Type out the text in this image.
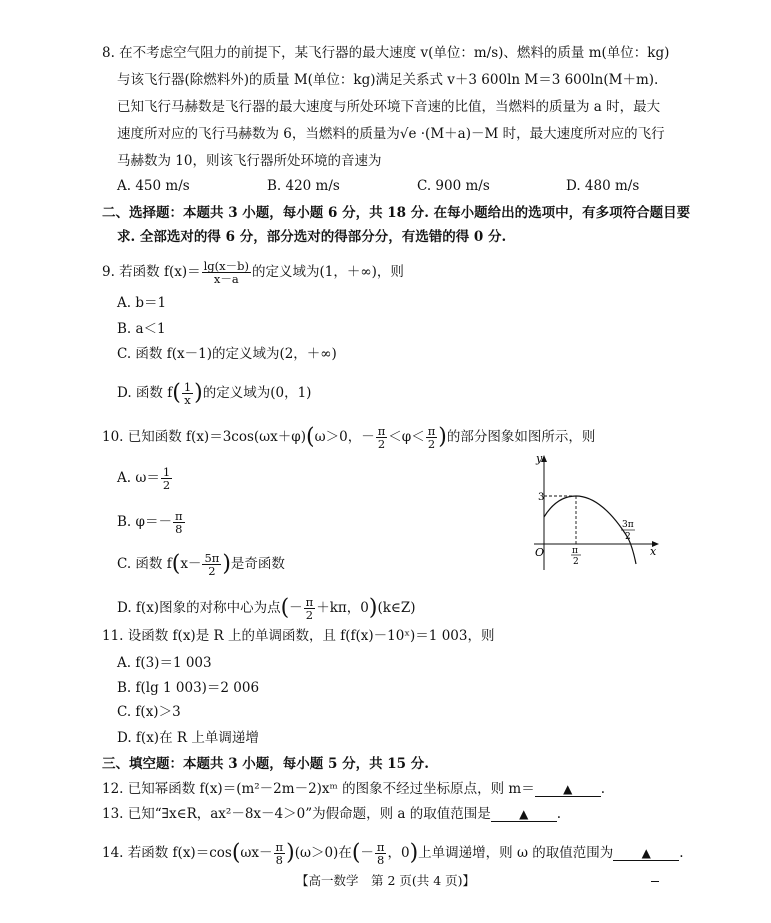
8. 在不考虑空气阻力的前提下，某飞行器的最大速度 v(单位：m/s)、燃料的质量 m(单位：kg)
与该飞行器(除燃料外)的质量 M(单位：kg)满足关系式 v＋3 600ln M＝3 600ln(M＋m).
已知飞行马赫数是飞行器的最大速度与所处环境下音速的比值，当燃料的质量为 a 时，最大
速度所对应的飞行马赫数为 6，当燃料的质量为√e ·(M＋a)－M 时，最大速度所对应的飞行
马赫数为 10，则该飞行器所处环境的音速为
A. 450 m/s	B. 420 m/s	C. 900 m/s	D. 480 m/s
二、选择题：本题共 3 小题，每小题 6 分，共 18 分. 在每小题给出的选项中，有多项符合题目要
求. 全部选对的得 6 分，部分选对的得部分分，有选错的得 0 分.
9. 若函数 $f(x)= \frac{\lg(x-b)}{x-a}$ 的定义域为(1，＋∞)，则
A. b＝1
B. a＜1
C. 函数 f(x－1)的定义域为(2，＋∞)
D. 函数 $f( \frac{1}{x}$ )的定义域为(0，1)
10. 已知函数 f(x)＝3cos(ωx＋φ)(ω＞0，－ $\frac{\pi}{2} <\varphi< \frac{\pi}{2}$ )的部分图象如图所示，则
A. $\omega= \frac{1}{2}$
B. $\varphi=- \frac{\pi}{8}$
C. 函数 $f(x- \frac{5\pi}{2}$ )是奇函数
D. f(x)图象的对称中心为点(－ $\frac{\pi}{2} +k\pi$，0)(k∈Z)
y
x
O
3
π
2
3π
2
11. 设函数 f(x)是 R 上的单调函数，且 f(f(x)－10ˣ)＝1 003，则
A. f(3)＝1 003
B. f(lg 1 003)＝2 006
C. f(x)＞3
D. f(x)在 R 上单调递增
三、填空题：本题共 3 小题，每小题 5 分，共 15 分.
12. 已知幂函数 f(x)＝(m²－2m－2)xᵐ 的图象不经过坐标原点，则 m＝ ▲ .
13. 已知“∃x∈R，ax²－8x－4＞0”为假命题，则 a 的取值范围是 ▲ .
14. 若函数 $f(x)=\cos(\omega x- \frac{\pi}{8} )(\omega>0)$在(－ $\frac{\pi}{8}$ ，0)上单调递增，则 ω 的取值范围为 ▲ .
【高一数学　第 2 页(共 4 页)】
